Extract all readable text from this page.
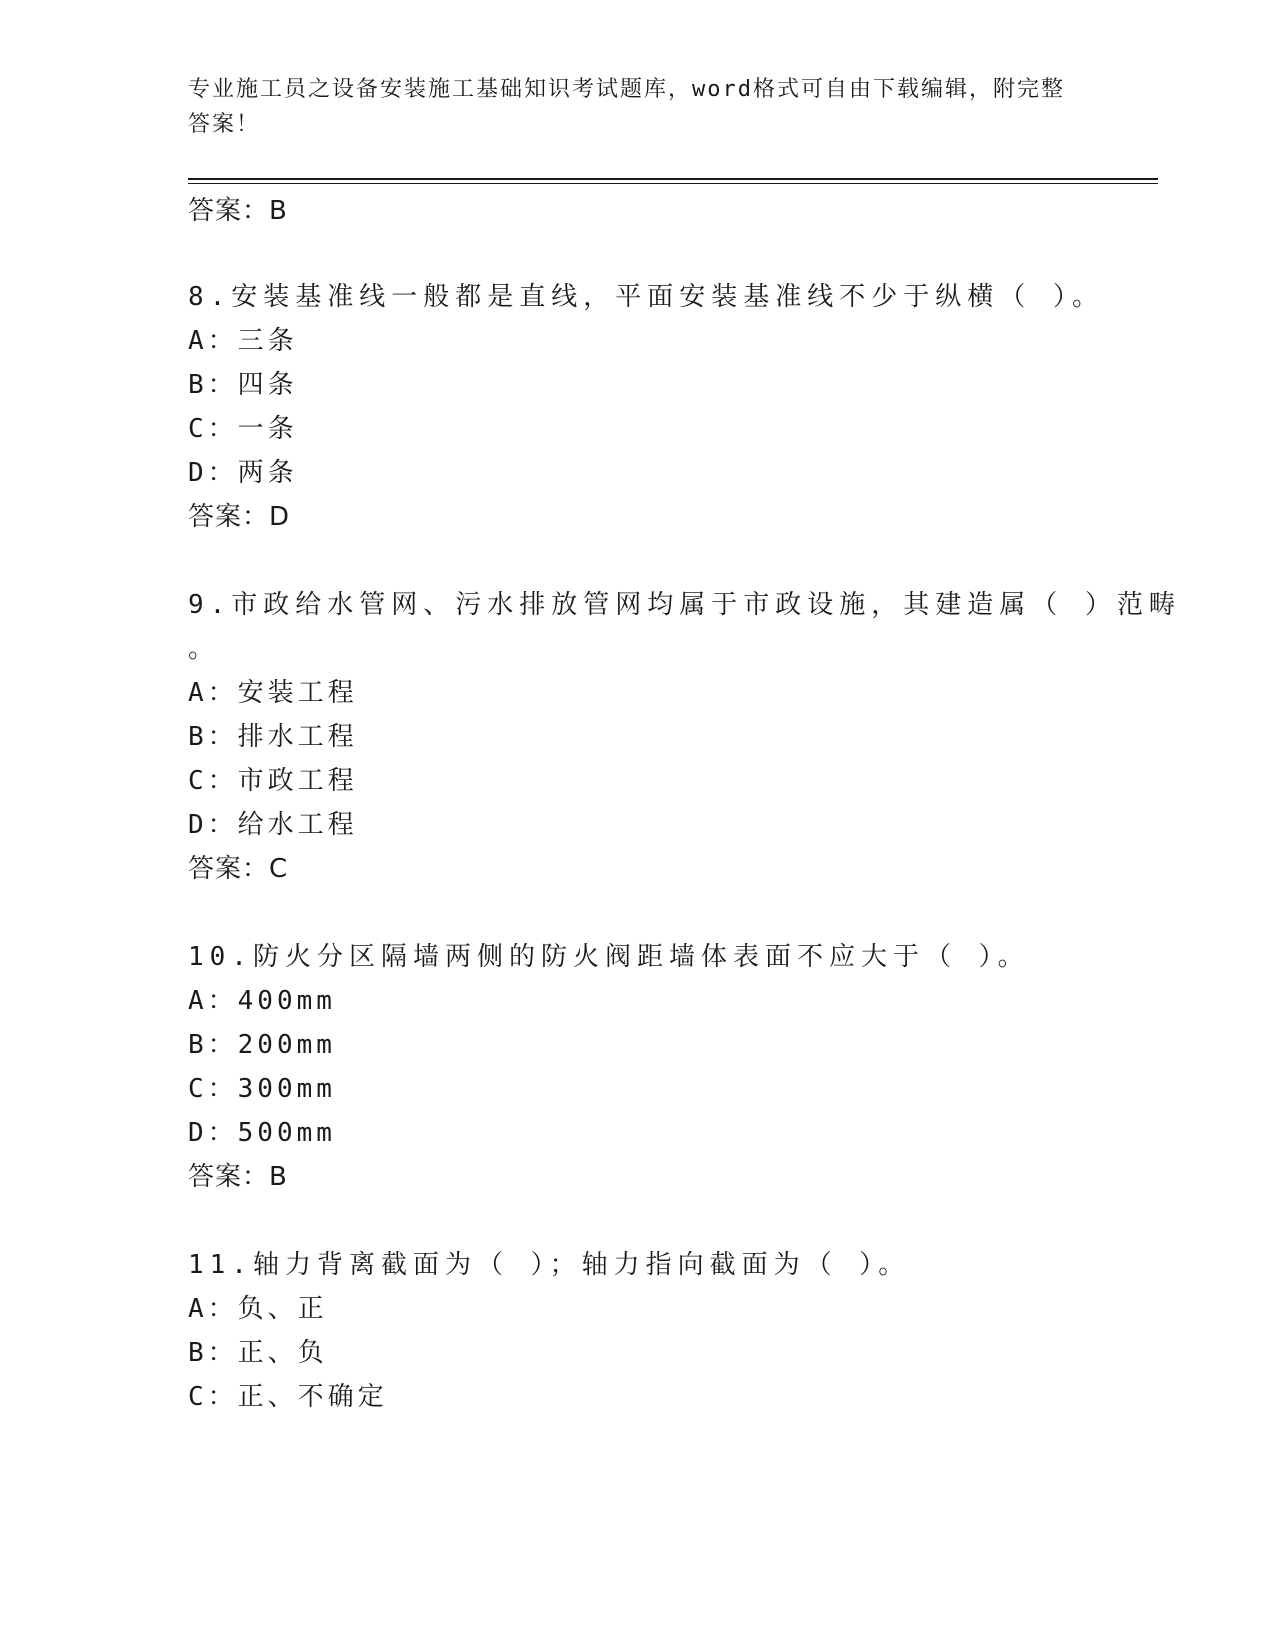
专业施工员之设备安装施工基础知识考试题库，word格式可自由下载编辑，附完整答案！
答案：B
8.安装基准线一般都是直线，平面安装基准线不少于纵横（ ）。
A：三条
B：四条
C：一条
D：两条
答案：D
9.市政给水管网、污水排放管网均属于市政设施，其建造属（ ）范畴
。
A：安装工程
B：排水工程
C：市政工程
D：给水工程
答案：C
10.防火分区隔墙两侧的防火阀距墙体表面不应大于（ ）。
A：400mm
B：200mm
C：300mm
D：500mm
答案：B
11.轴力背离截面为（ ）；轴力指向截面为（ ）。
A：负、正
B：正、负
C：正、不确定
